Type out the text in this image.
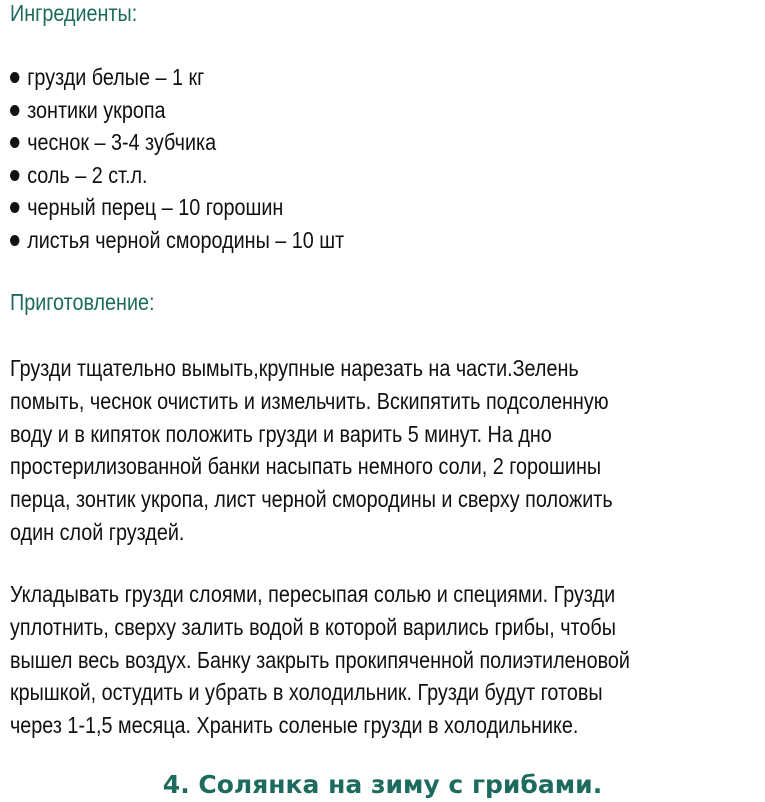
Ингредиенты:
грузди белые – 1 кг
зонтики укропа
чеснок – 3-4 зубчика
соль – 2 ст.л.
черный перец – 10 горошин
листья черной смородины – 10 шт
Приготовление:

Грузди тщательно вымыть,крупные нарезать на части.Зелень
помыть, чеснок очистить и измельчить. Вскипятить подсоленную
воду и в кипяток положить грузди и варить 5 минут. На дно
простерилизованной банки насыпать немного соли, 2 горошины
перца, зонтик укропа, лист черной смородины и сверху положить
один слой груздей.

Укладывать грузди слоями, пересыпая солью и специями. Грузди
уплотнить, сверху залить водой в которой варились грибы, чтобы
вышел весь воздух. Банку закрыть прокипяченной полиэтиленовой
крышкой, остудить и убрать в холодильник. Грузди будут готовы
через 1-1,5 месяца. Хранить соленые грузди в холодильнике.

4. Солянка на зиму с грибами.
